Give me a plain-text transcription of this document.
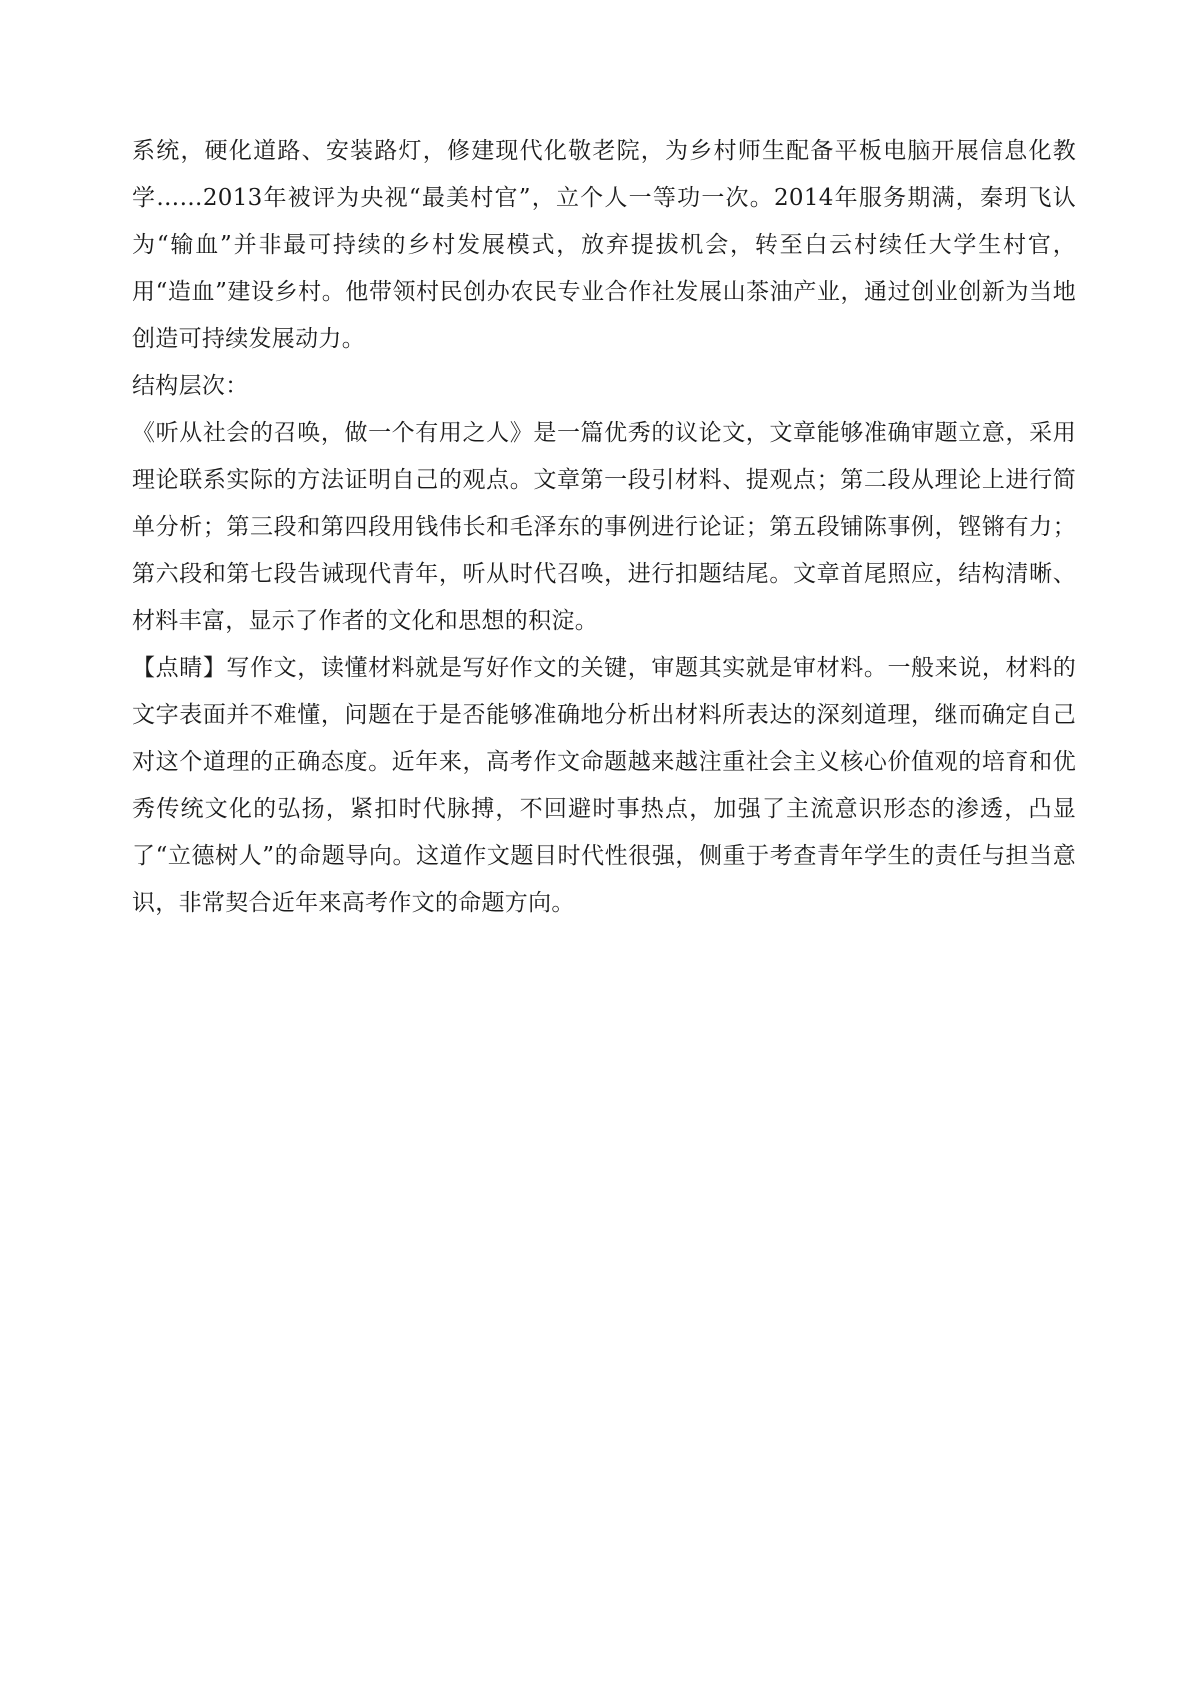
系统，硬化道路、安装路灯，修建现代化敬老院，为乡村师生配备平板电脑开展信息化教学……2013年被评为央视“最美村官”，立个人一等功一次。2014年服务期满，秦玥飞认为“输血”并非最可持续的乡村发展模式，放弃提拔机会，转至白云村续任大学生村官，用“造血”建设乡村。他带领村民创办农民专业合作社发展山茶油产业，通过创业创新为当地创造可持续发展动力。

结构层次：

《听从社会的召唤，做一个有用之人》是一篇优秀的议论文，文章能够准确审题立意，采用理论联系实际的方法证明自己的观点。文章第一段引材料、提观点；第二段从理论上进行简单分析；第三段和第四段用钱伟长和毛泽东的事例进行论证；第五段铺陈事例，铿锵有力；第六段和第七段告诫现代青年，听从时代召唤，进行扣题结尾。文章首尾照应，结构清晰、材料丰富，显示了作者的文化和思想的积淀。

【点睛】写作文，读懂材料就是写好作文的关键，审题其实就是审材料。一般来说，材料的文字表面并不难懂，问题在于是否能够准确地分析出材料所表达的深刻道理，继而确定自己对这个道理的正确态度。近年来，高考作文命题越来越注重社会主义核心价值观的培育和优秀传统文化的弘扬，紧扣时代脉搏，不回避时事热点，加强了主流意识形态的渗透，凸显了“立德树人”的命题导向。这道作文题目时代性很强，侧重于考查青年学生的责任与担当意识，非常契合近年来高考作文的命题方向。
